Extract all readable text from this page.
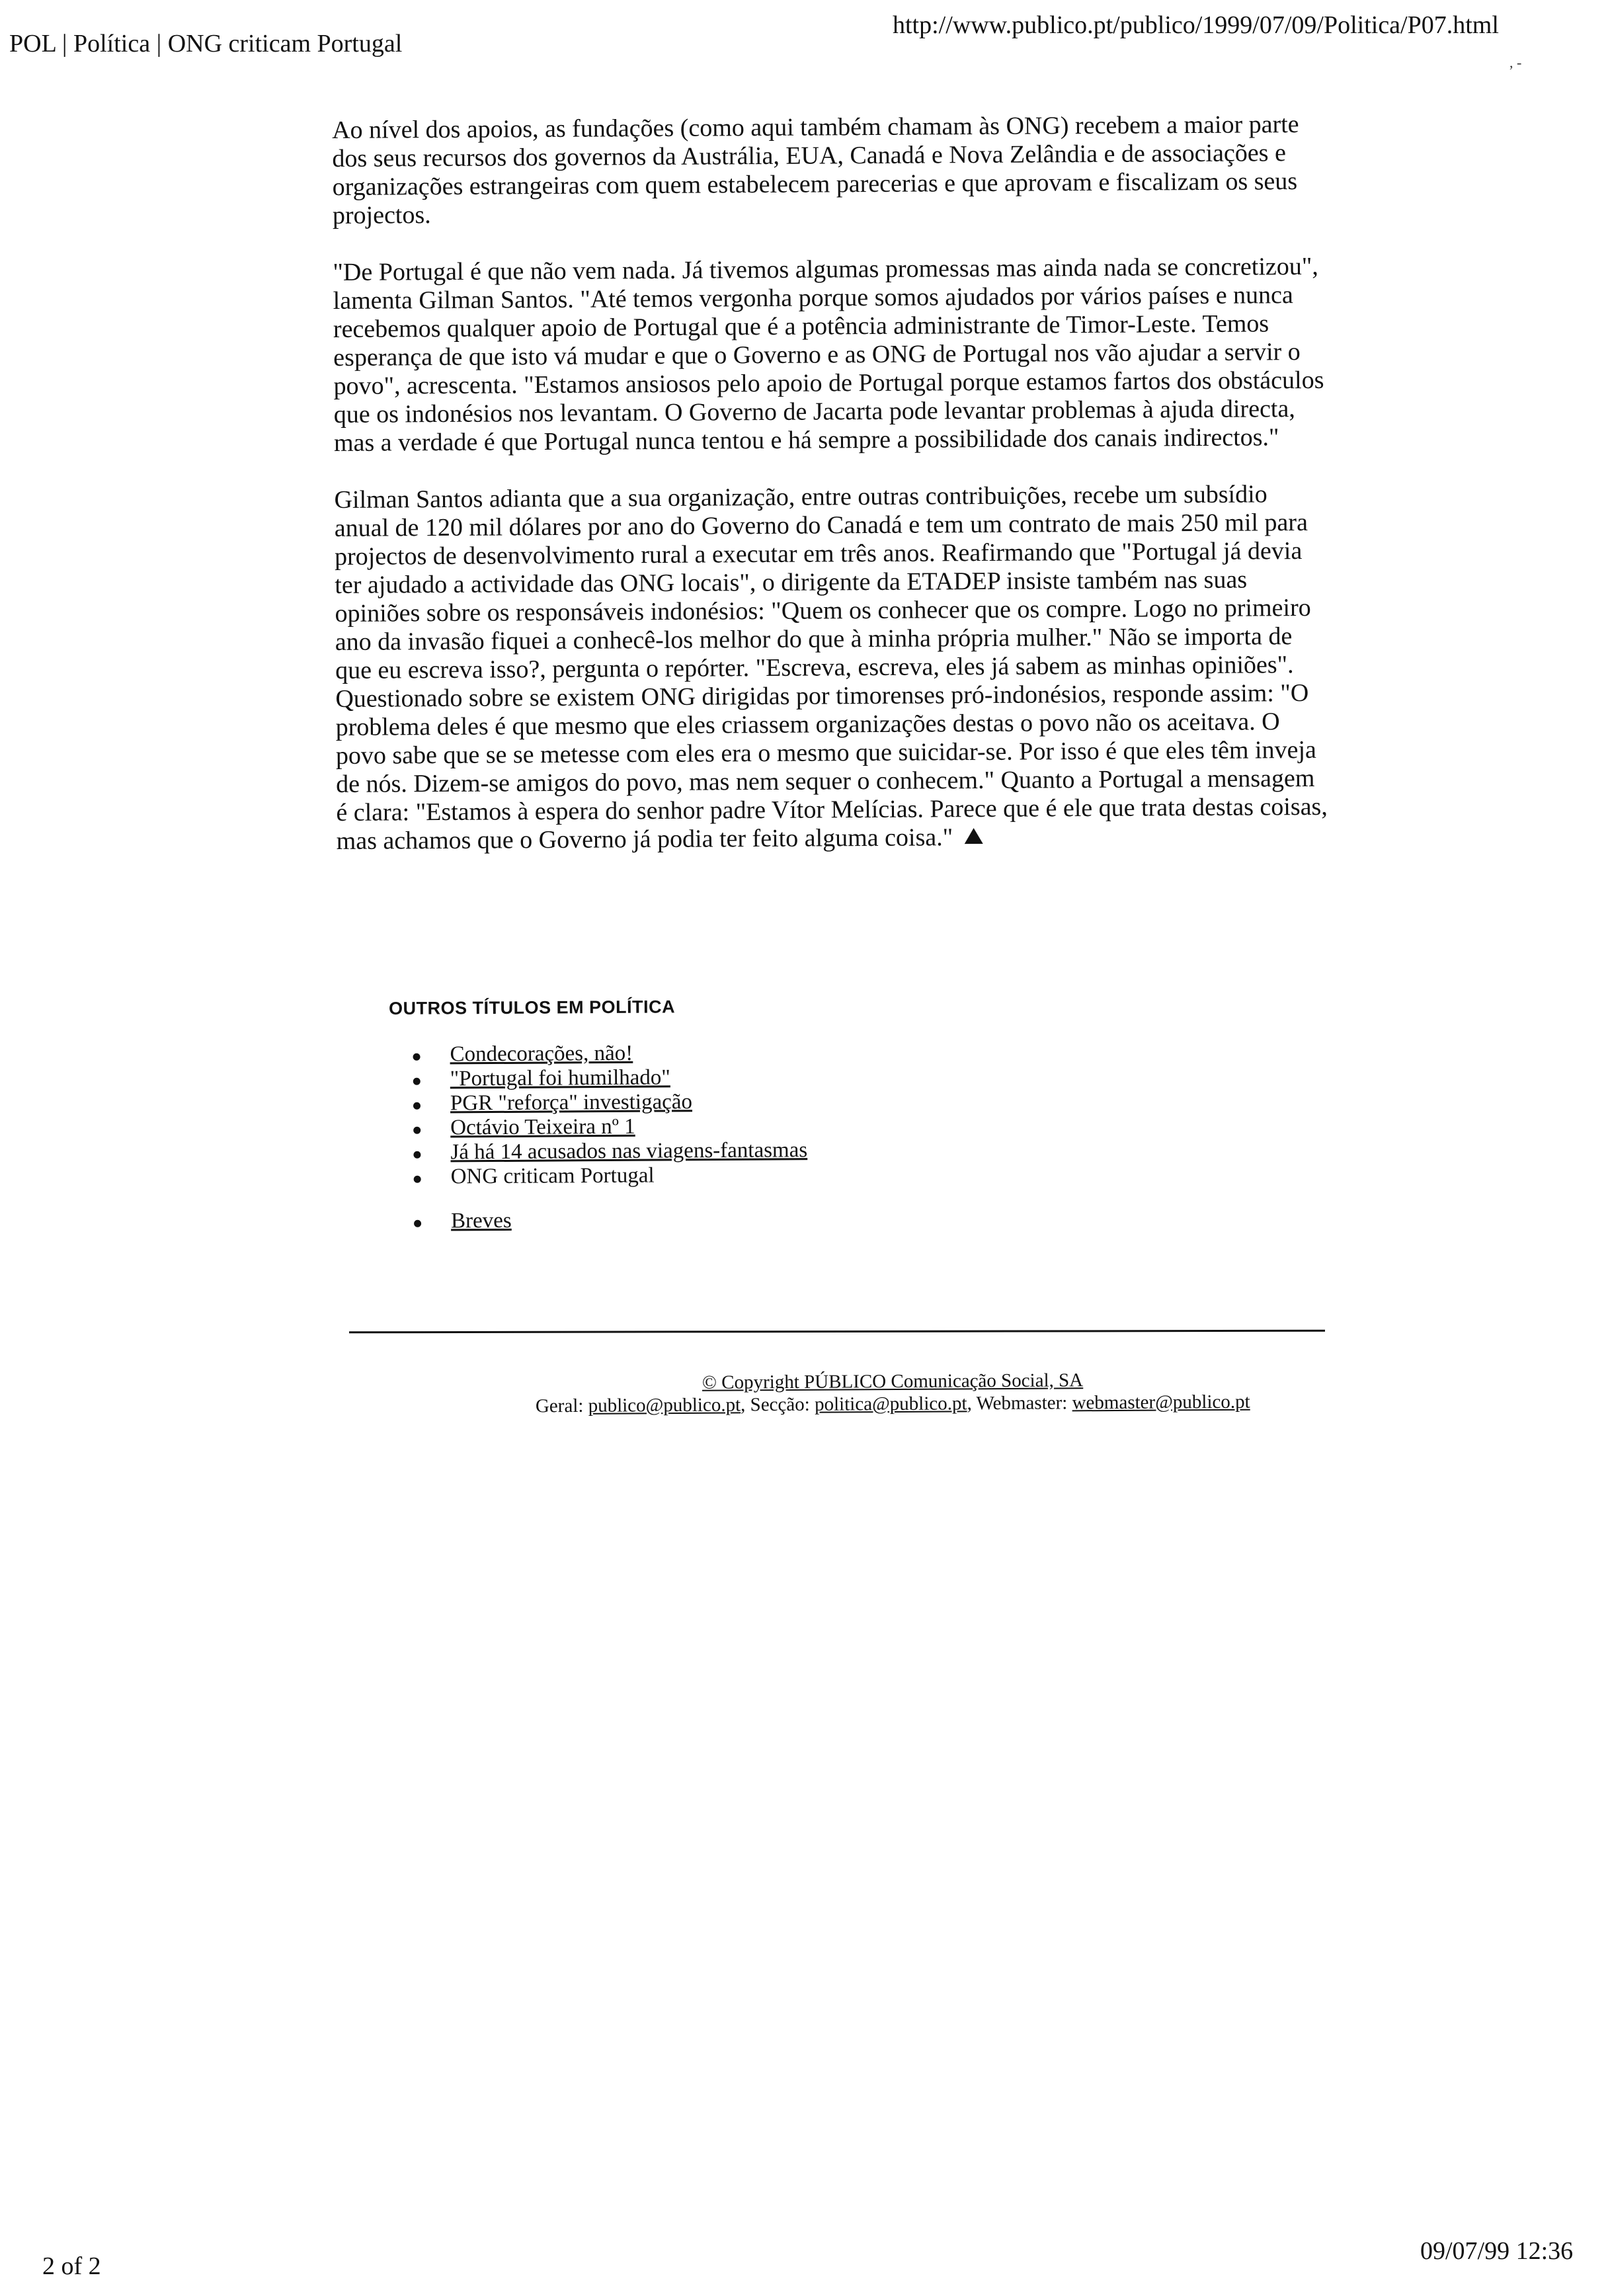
POL | Política | ONG criticam Portugal
http://www.publico.pt/publico/1999/07/09/Politica/P07.html
, -

Ao nível dos apoios, as fundações (como aqui também chamam às ONG) recebem a maior parte dos seus recursos dos governos da Austrália, EUA, Canadá e Nova Zelândia e de associações e organizações estrangeiras com quem estabelecem parecerias e que aprovam e fiscalizam os seus projectos.

"De Portugal é que não vem nada. Já tivemos algumas promessas mas ainda nada se concretizou", lamenta Gilman Santos. "Até temos vergonha porque somos ajudados por vários países e nunca recebemos qualquer apoio de Portugal que é a potência administrante de Timor-Leste. Temos esperança de que isto vá mudar e que o Governo e as ONG de Portugal nos vão ajudar a servir o povo", acrescenta. "Estamos ansiosos pelo apoio de Portugal porque estamos fartos dos obstáculos que os indonésios nos levantam. O Governo de Jacarta pode levantar problemas à ajuda directa, mas a verdade é que Portugal nunca tentou e há sempre a possibilidade dos canais indirectos."

Gilman Santos adianta que a sua organização, entre outras contribuições, recebe um subsídio anual de 120 mil dólares por ano do Governo do Canadá e tem um contrato de mais 250 mil para projectos de desenvolvimento rural a executar em três anos. Reafirmando que "Portugal já devia ter ajudado a actividade das ONG locais", o dirigente da ETADEP insiste também nas suas opiniões sobre os responsáveis indonésios: "Quem os conhecer que os compre. Logo no primeiro ano da invasão fiquei a conhecê-los melhor do que à minha própria mulher." Não se importa de que eu escreva isso?, pergunta o repórter. "Escreva, escreva, eles já sabem as minhas opiniões". Questionado sobre se existem ONG dirigidas por timorenses pró-indonésios, responde assim: "O problema deles é que mesmo que eles criassem organizações destas o povo não os aceitava. O povo sabe que se se metesse com eles era o mesmo que suicidar-se. Por isso é que eles têm inveja de nós. Dizem-se amigos do povo, mas nem sequer o conhecem." Quanto a Portugal a mensagem é clara: "Estamos à espera do senhor padre Vítor Melícias. Parece que é ele que trata destas coisas, mas achamos que o Governo já podia ter feito alguma coisa."

OUTROS TÍTULOS EM POLÍTICA
Condecorações, não!
"Portugal foi humilhado"
PGR "reforça" investigação
Octávio Teixeira nº 1
Já há 14 acusados nas viagens-fantasmas
ONG criticam Portugal
Breves
© Copyright PÚBLICO Comunicação Social, SA
Geral: publico@publico.pt, Secção: politica@publico.pt, Webmaster: webmaster@publico.pt
2 of 2
09/07/99 12:36
